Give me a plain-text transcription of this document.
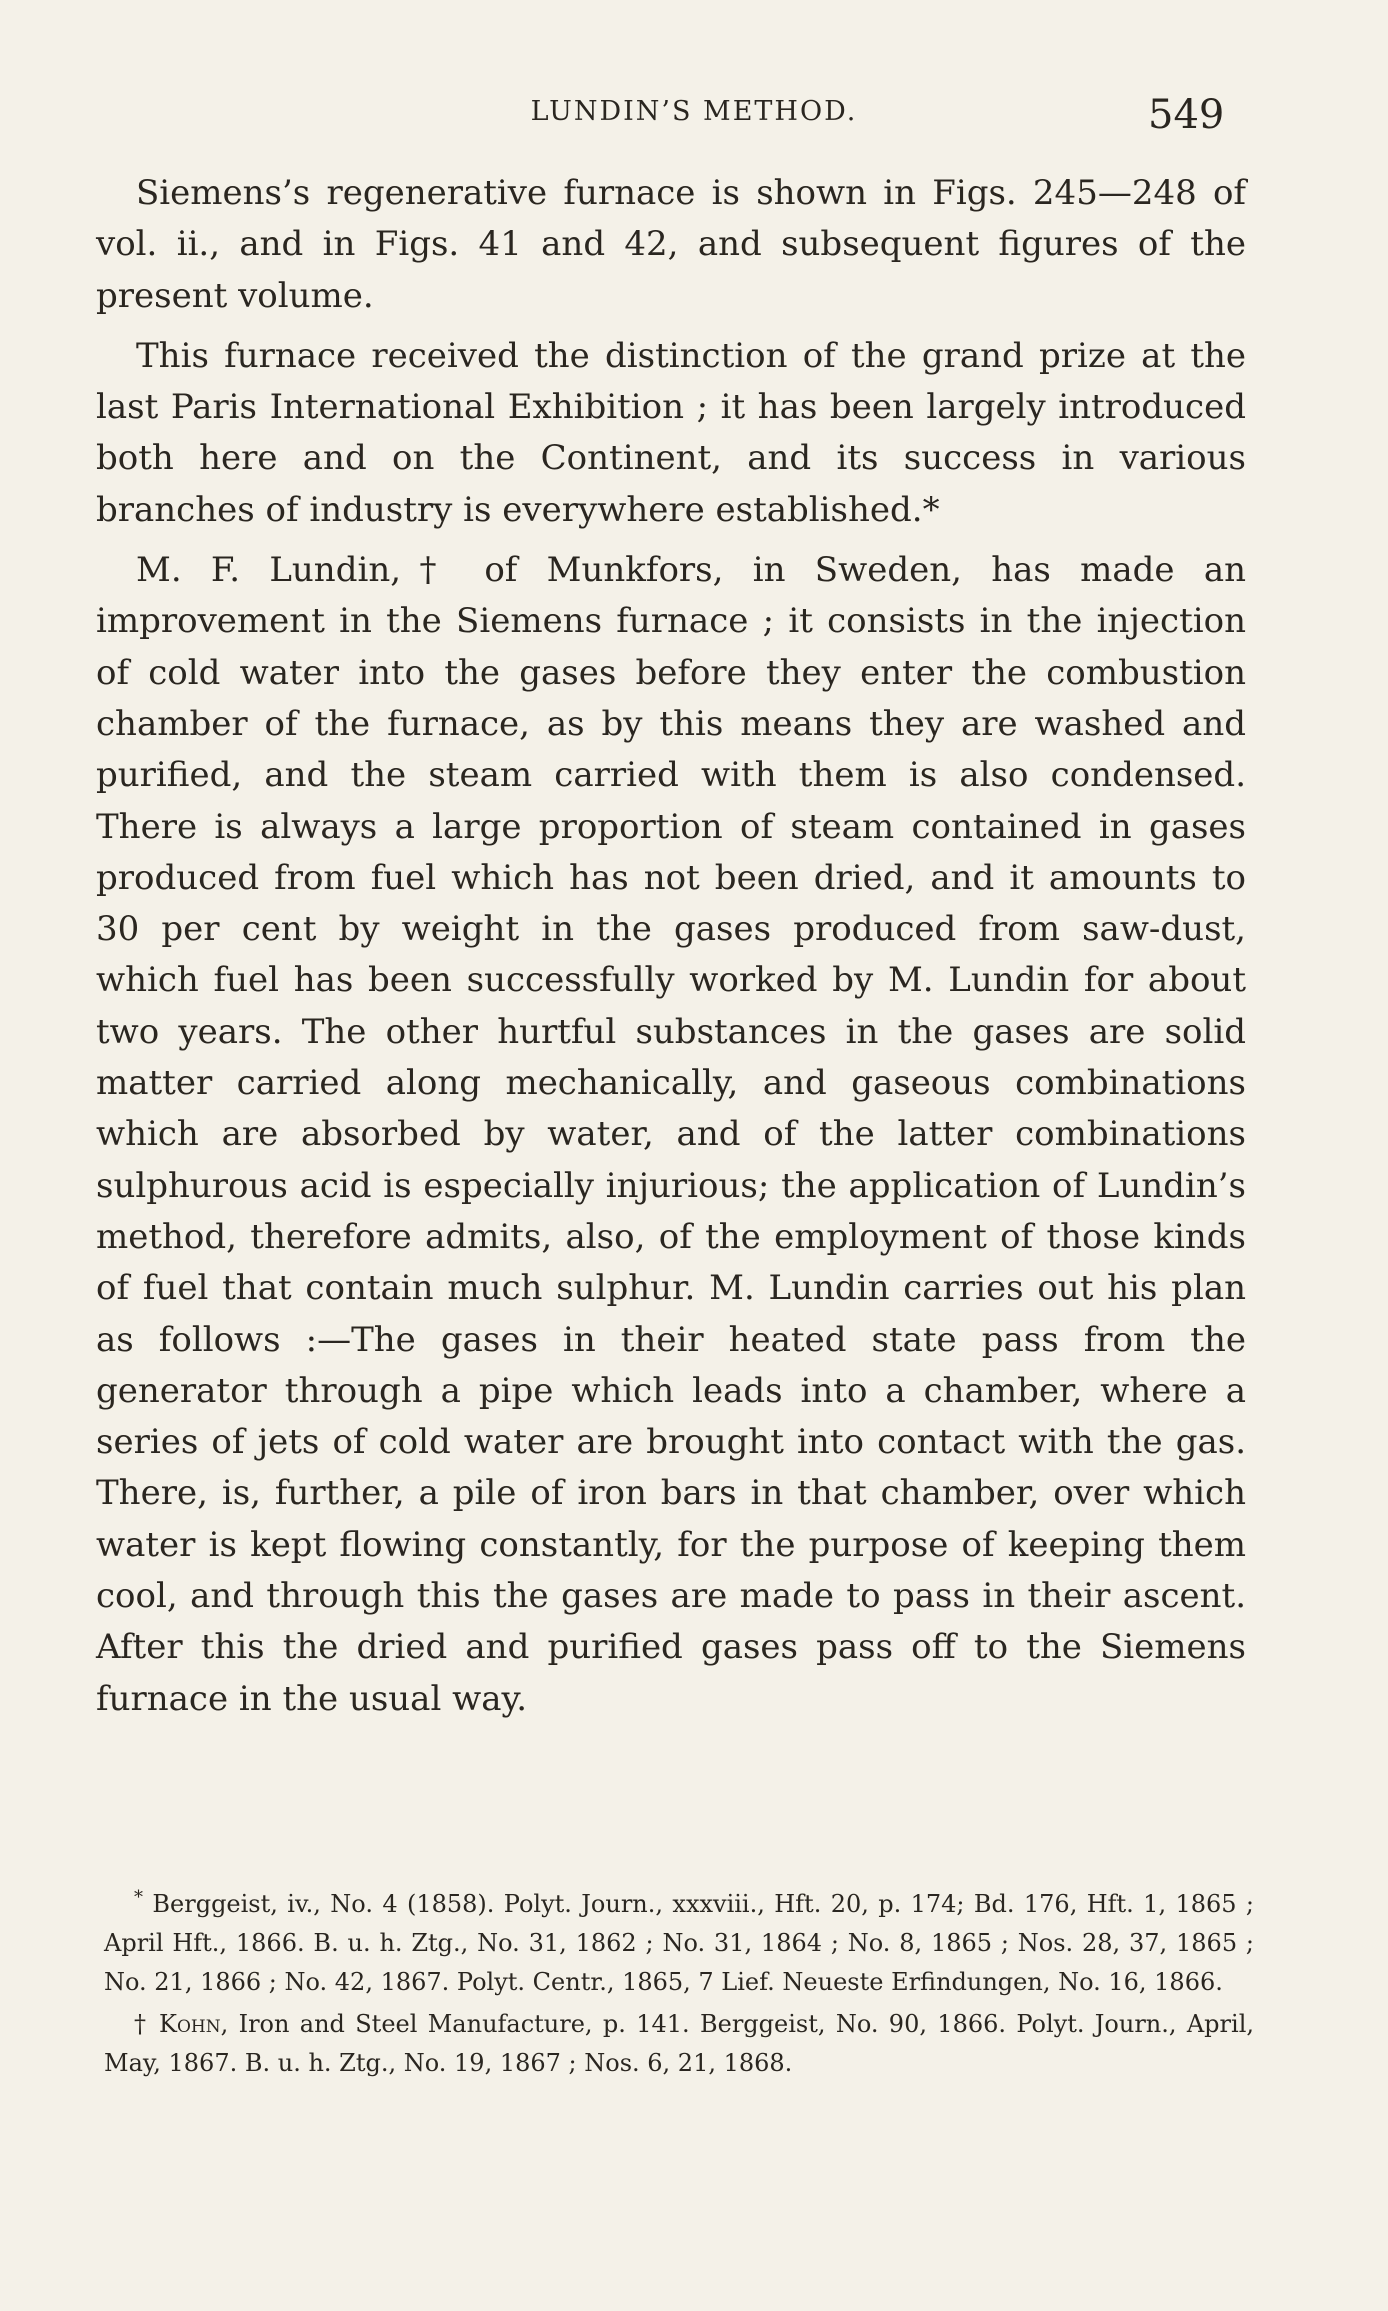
LUNDIN’S METHOD.	549

Siemens’s regenerative furnace is shown in Figs. 245—248 of vol. ii., and in Figs. 41 and 42, and subsequent figures of the present volume.

This furnace received the distinction of the grand prize at the last Paris International Exhibition ; it has been largely introduced both here and on the Continent, and its success in various branches of industry is everywhere established.*

M. F. Lundin,† of Munkfors, in Sweden, has made an improvement in the Siemens furnace ; it consists in the injection of cold water into the gases before they enter the combustion chamber of the furnace, as by this means they are washed and purified, and the steam carried with them is also condensed. There is always a large proportion of steam contained in gases produced from fuel which has not been dried, and it amounts to 30 per cent by weight in the gases produced from saw-dust, which fuel has been successfully worked by M. Lundin for about two years. The other hurtful substances in the gases are solid matter carried along mechanically, and gaseous combinations which are absorbed by water, and of the latter combinations sulphurous acid is especially injurious; the application of Lundin’s method, therefore admits, also, of the employment of those kinds of fuel that contain much sulphur. M. Lundin carries out his plan as follows :—The gases in their heated state pass from the generator through a pipe which leads into a chamber, where a series of jets of cold water are brought into contact with the gas. There, is, further, a pile of iron bars in that chamber, over which water is kept flowing constantly, for the purpose of keeping them cool, and through this the gases are made to pass in their ascent. After this the dried and purified gases pass off to the Siemens furnace in the usual way.

* Berggeist, iv., No. 4 (1858). Polyt. Journ., xxxviii., Hft. 20, p. 174; Bd. 176, Hft. 1, 1865 ; April Hft., 1866. B. u. h. Ztg., No. 31, 1862 ; No. 31, 1864 ; No. 8, 1865 ; Nos. 28, 37, 1865 ; No. 21, 1866 ; No. 42, 1867. Polyt. Centr., 1865, 7 Lief. Neueste Erfindungen, No. 16, 1866.

† Kohn, Iron and Steel Manufacture, p. 141. Berggeist, No. 90, 1866. Polyt. Journ., April, May, 1867. B. u. h. Ztg., No. 19, 1867 ; Nos. 6, 21, 1868.
